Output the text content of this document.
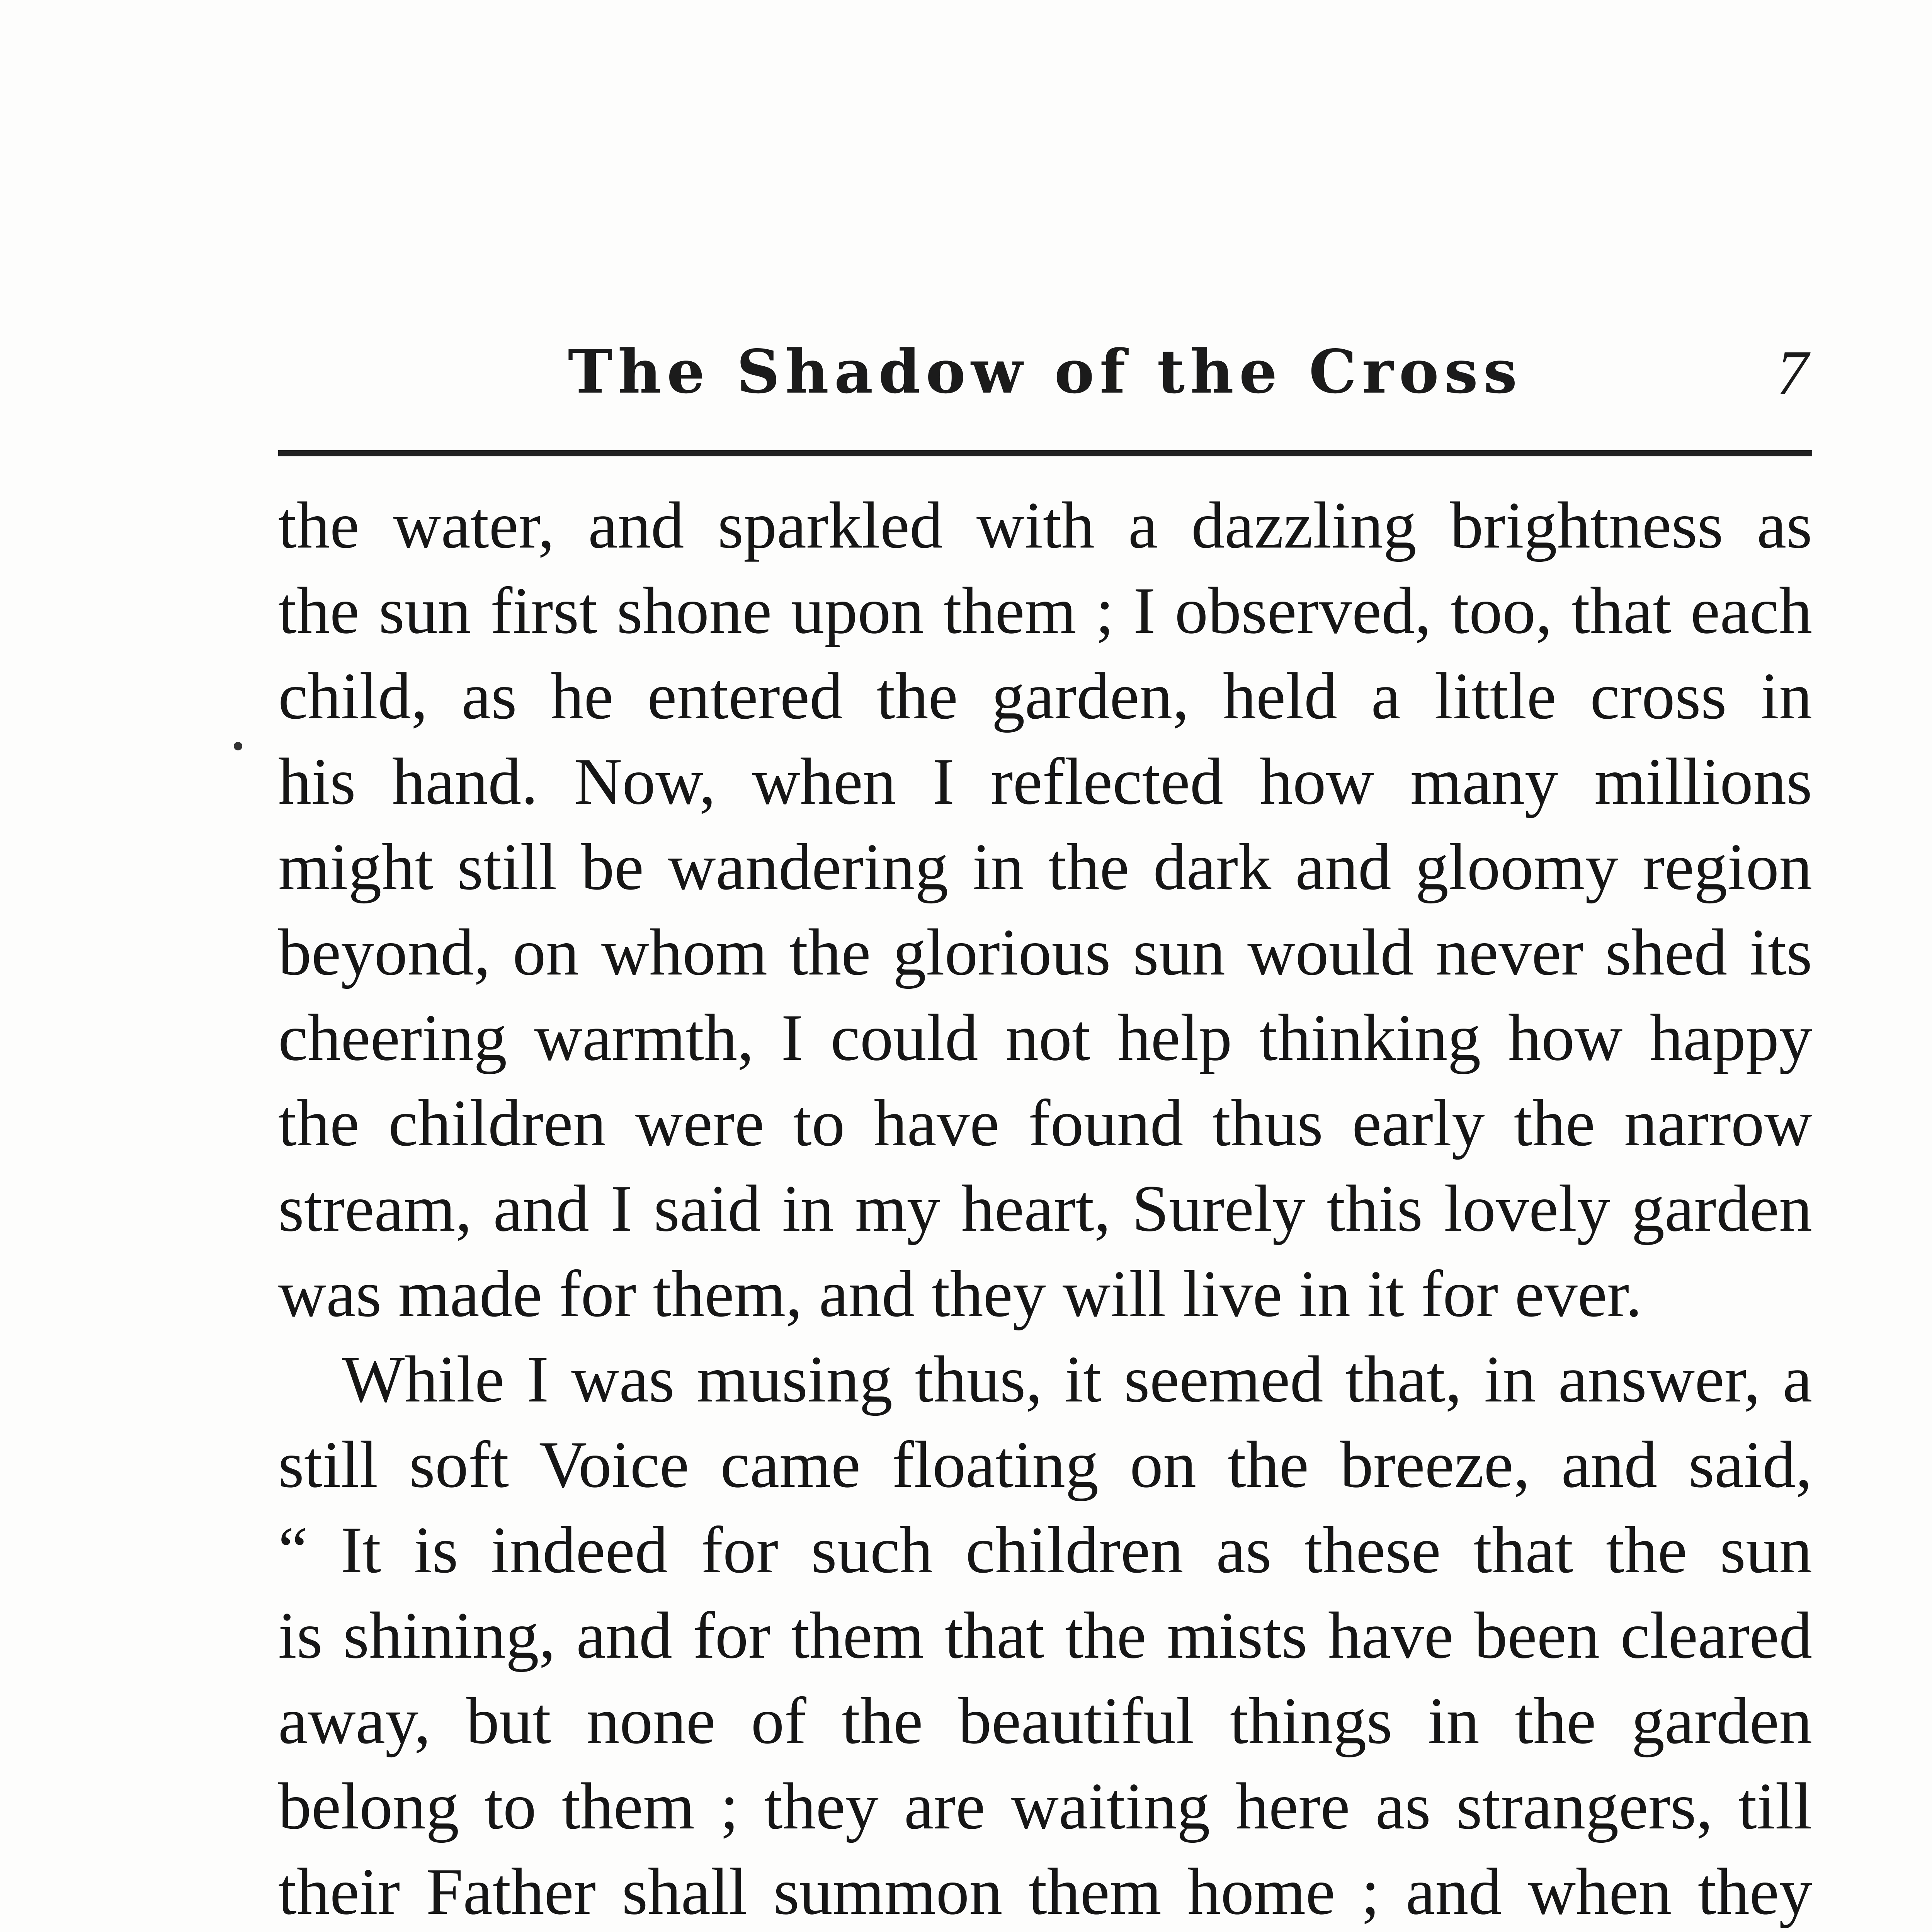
The Shadow of the Cross	7
the water, and sparkled with a dazzling brightness as
the sun first shone upon them ; I observed, too, that each
child, as he entered the garden, held a little cross in
his hand. Now, when I reflected how many millions
might still be wandering in the dark and gloomy region
beyond, on whom the glorious sun would never shed its
cheering warmth, I could not help thinking how happy
the children were to have found thus early the narrow
stream, and I said in my heart, Surely this lovely garden
was made for them, and they will live in it for ever.
While I was musing thus, it seemed that, in answer, a
still soft Voice came floating on the breeze, and said,
“ It is indeed for such children as these that the sun
is shining, and for them that the mists have been cleared
away, but none of the beautiful things in the garden
belong to them ; they are waiting here as strangers, till
their Father shall summon them home ; and when they
